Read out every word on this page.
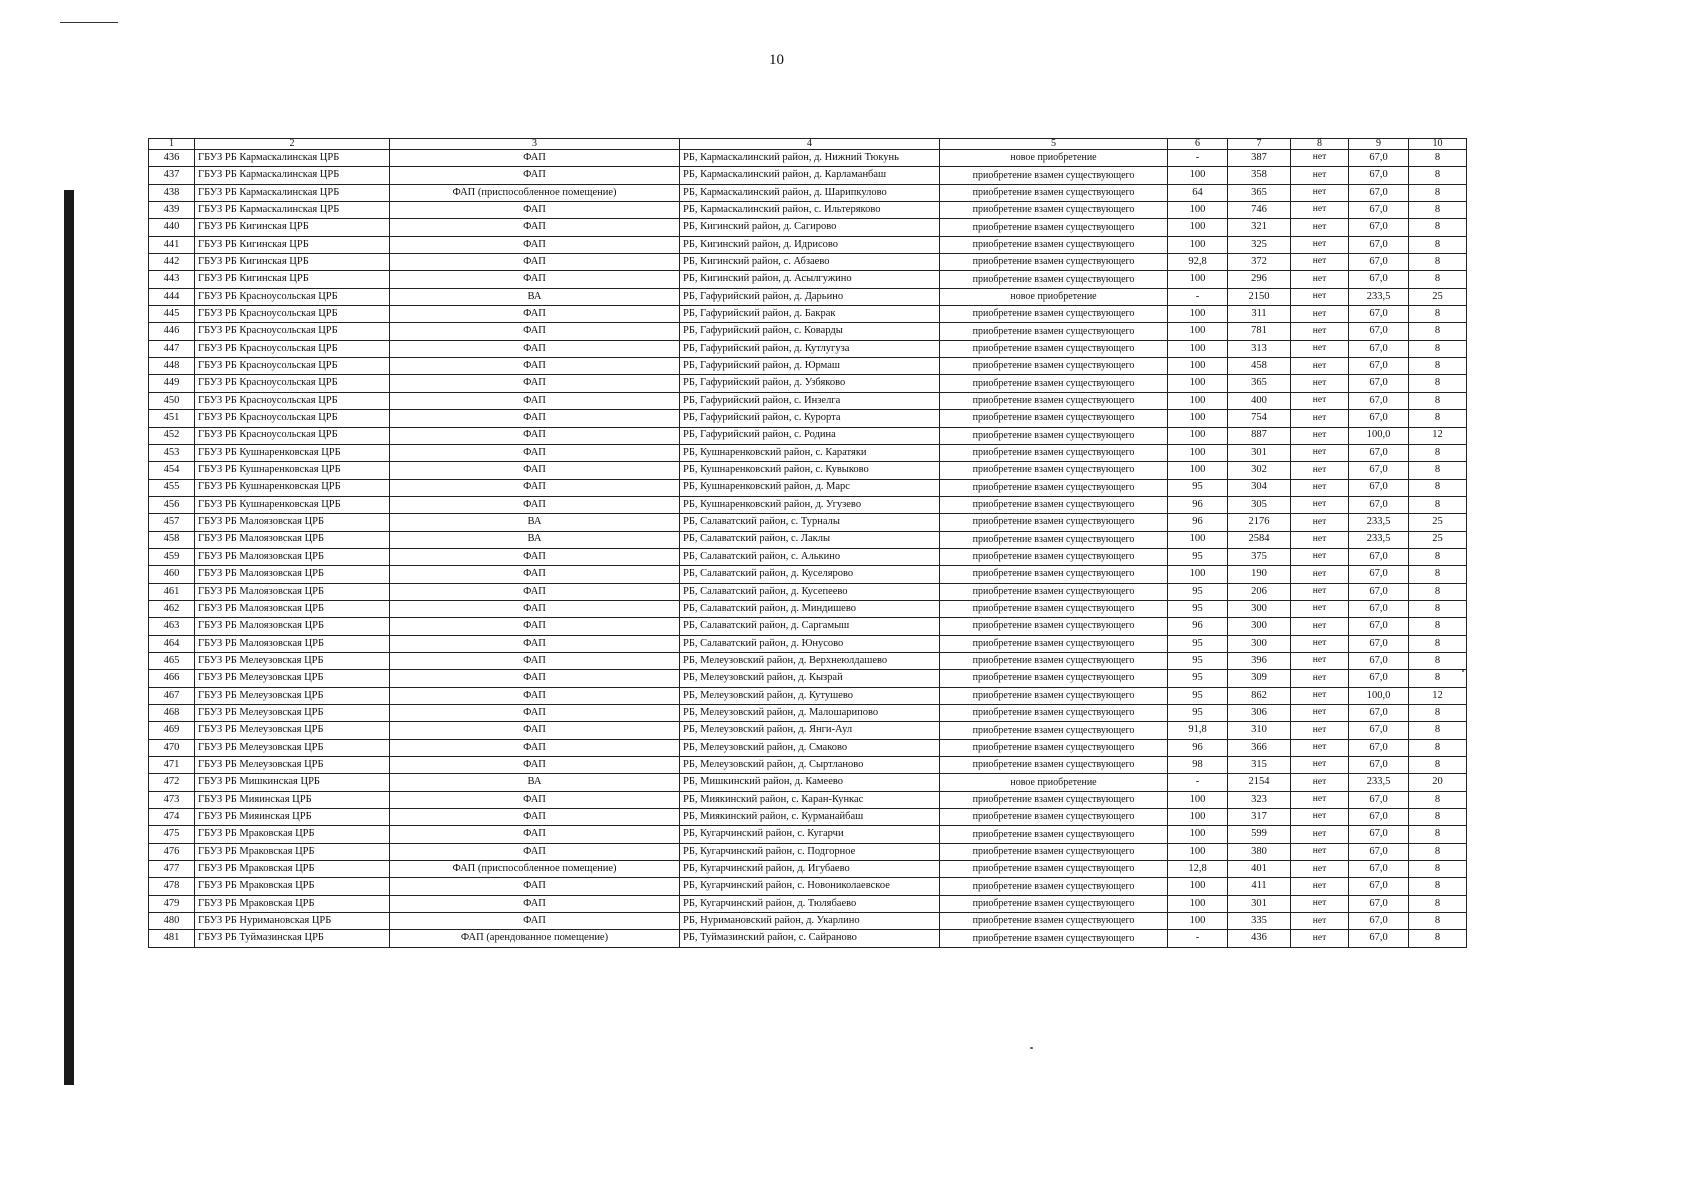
10
1	2	3	4	5	6	7	8	9	10
436	ГБУЗ РБ Кармаскалинская ЦРБ	ФАП	РБ, Кармаскалинский район, д. Нижний Тюкунь	новое приобретение	-	387	нет	67,0	8
437	ГБУЗ РБ Кармаскалинская ЦРБ	ФАП	РБ, Кармаскалинский район, д. Карламанбаш	приобретение взамен существующего	100	358	нет	67,0	8
438	ГБУЗ РБ Кармаскалинская ЦРБ	ФАП (приспособленное помещение)	РБ, Кармаскалинский район, д. Шарипкулово	приобретение взамен существующего	64	365	нет	67,0	8
439	ГБУЗ РБ Кармаскалинская ЦРБ	ФАП	РБ, Кармаскалинский район, с. Ильтеряково	приобретение взамен существующего	100	746	нет	67,0	8
440	ГБУЗ РБ Кигинская ЦРБ	ФАП	РБ, Кигинский район, д. Сагирово	приобретение взамен существующего	100	321	нет	67,0	8
441	ГБУЗ РБ Кигинская ЦРБ	ФАП	РБ, Кигинский район, д. Идрисово	приобретение взамен существующего	100	325	нет	67,0	8
442	ГБУЗ РБ Кигинская ЦРБ	ФАП	РБ, Кигинский район, с. Абзаево	приобретение взамен существующего	92,8	372	нет	67,0	8
443	ГБУЗ РБ Кигинская ЦРБ	ФАП	РБ, Кигинский район, д. Асылгужино	приобретение взамен существующего	100	296	нет	67,0	8
444	ГБУЗ РБ Красноусольская ЦРБ	ВА	РБ, Гафурийский район, д. Дарьино	новое приобретение	-	2150	нет	233,5	25
445	ГБУЗ РБ Красноусольская ЦРБ	ФАП	РБ, Гафурийский район, д. Бакрак	приобретение взамен существующего	100	311	нет	67,0	8
446	ГБУЗ РБ Красноусольская ЦРБ	ФАП	РБ, Гафурийский район, с. Коварды	приобретение взамен существующего	100	781	нет	67,0	8
447	ГБУЗ РБ Красноусольская ЦРБ	ФАП	РБ, Гафурийский район, д. Кутлугуза	приобретение взамен существующего	100	313	нет	67,0	8
448	ГБУЗ РБ Красноусольская ЦРБ	ФАП	РБ, Гафурийский район, д. Юрмаш	приобретение взамен существующего	100	458	нет	67,0	8
449	ГБУЗ РБ Красноусольская ЦРБ	ФАП	РБ, Гафурийский район, д. Узбяково	приобретение взамен существующего	100	365	нет	67,0	8
450	ГБУЗ РБ Красноусольская ЦРБ	ФАП	РБ, Гафурийский район, с. Инзелга	приобретение взамен существующего	100	400	нет	67,0	8
451	ГБУЗ РБ Красноусольская ЦРБ	ФАП	РБ, Гафурийский район, с. Курорта	приобретение взамен существующего	100	754	нет	67,0	8
452	ГБУЗ РБ Красноусольская ЦРБ	ФАП	РБ, Гафурийский район, с. Родина	приобретение взамен существующего	100	887	нет	100,0	12
453	ГБУЗ РБ Кушнаренковская ЦРБ	ФАП	РБ, Кушнаренковский район, с. Каратяки	приобретение взамен существующего	100	301	нет	67,0	8
454	ГБУЗ РБ Кушнаренковская ЦРБ	ФАП	РБ, Кушнаренковский район, с. Кувыково	приобретение взамен существующего	100	302	нет	67,0	8
455	ГБУЗ РБ Кушнаренковская ЦРБ	ФАП	РБ, Кушнаренковский район, д. Марс	приобретение взамен существующего	95	304	нет	67,0	8
456	ГБУЗ РБ Кушнаренковская ЦРБ	ФАП	РБ, Кушнаренковский район, д. Угузево	приобретение взамен существующего	96	305	нет	67,0	8
457	ГБУЗ РБ Малоязовская ЦРБ	ВА	РБ, Салаватский район, с. Турналы	приобретение взамен существующего	96	2176	нет	233,5	25
458	ГБУЗ РБ Малоязовская ЦРБ	ВА	РБ, Салаватский район, с. Лаклы	приобретение взамен существующего	100	2584	нет	233,5	25
459	ГБУЗ РБ Малоязовская ЦРБ	ФАП	РБ, Салаватский район, с. Алькино	приобретение взамен существующего	95	375	нет	67,0	8
460	ГБУЗ РБ Малоязовская ЦРБ	ФАП	РБ, Салаватский район, д. Куселярово	приобретение взамен существующего	100	190	нет	67,0	8
461	ГБУЗ РБ Малоязовская ЦРБ	ФАП	РБ, Салаватский район, д. Кусепеево	приобретение взамен существующего	95	206	нет	67,0	8
462	ГБУЗ РБ Малоязовская ЦРБ	ФАП	РБ, Салаватский район, д. Миндишево	приобретение взамен существующего	95	300	нет	67,0	8
463	ГБУЗ РБ Малоязовская ЦРБ	ФАП	РБ, Салаватский район, д. Саргамыш	приобретение взамен существующего	96	300	нет	67,0	8
464	ГБУЗ РБ Малоязовская ЦРБ	ФАП	РБ, Салаватский район, д. Юнусово	приобретение взамен существующего	95	300	нет	67,0	8
465	ГБУЗ РБ Мелеузовская ЦРБ	ФАП	РБ, Мелеузовский район, д. Верхнеюлдашево	приобретение взамен существующего	95	396	нет	67,0	8
466	ГБУЗ РБ Мелеузовская ЦРБ	ФАП	РБ, Мелеузовский район, д. Кызрай	приобретение взамен существующего	95	309	нет	67,0	8
467	ГБУЗ РБ Мелеузовская ЦРБ	ФАП	РБ, Мелеузовский район, д. Кутушево	приобретение взамен существующего	95	862	нет	100,0	12
468	ГБУЗ РБ Мелеузовская ЦРБ	ФАП	РБ, Мелеузовский район, д. Малошарипово	приобретение взамен существующего	95	306	нет	67,0	8
469	ГБУЗ РБ Мелеузовская ЦРБ	ФАП	РБ, Мелеузовский район, д. Янги-Аул	приобретение взамен существующего	91,8	310	нет	67,0	8
470	ГБУЗ РБ Мелеузовская ЦРБ	ФАП	РБ, Мелеузовский район, д. Смаково	приобретение взамен существующего	96	366	нет	67,0	8
471	ГБУЗ РБ Мелеузовская ЦРБ	ФАП	РБ, Мелеузовский район, д. Сыртланово	приобретение взамен существующего	98	315	нет	67,0	8
472	ГБУЗ РБ Мишкинская ЦРБ	ВА	РБ, Мишкинский район, д. Камеево	новое приобретение	-	2154	нет	233,5	20
473	ГБУЗ РБ Мияинская ЦРБ	ФАП	РБ, Миякинский район, с. Каран-Кункас	приобретение взамен существующего	100	323	нет	67,0	8
474	ГБУЗ РБ Мияинская ЦРБ	ФАП	РБ, Миякинский район, с. Курманайбаш	приобретение взамен существующего	100	317	нет	67,0	8
475	ГБУЗ РБ Мраковская ЦРБ	ФАП	РБ, Кугарчинский район, с. Кугарчи	приобретение взамен существующего	100	599	нет	67,0	8
476	ГБУЗ РБ Мраковская ЦРБ	ФАП	РБ, Кугарчинский район, с. Подгорное	приобретение взамен существующего	100	380	нет	67,0	8
477	ГБУЗ РБ Мраковская ЦРБ	ФАП (приспособленное помещение)	РБ, Кугарчинский район, д. Игубаево	приобретение взамен существующего	12,8	401	нет	67,0	8
478	ГБУЗ РБ Мраковская ЦРБ	ФАП	РБ, Кугарчинский район, с. Новониколаевское	приобретение взамен существующего	100	411	нет	67,0	8
479	ГБУЗ РБ Мраковская ЦРБ	ФАП	РБ, Кугарчинский район, д. Тюлябаево	приобретение взамен существующего	100	301	нет	67,0	8
480	ГБУЗ РБ Нуримановская ЦРБ	ФАП	РБ, Нуримановский район, д. Укарлино	приобретение взамен существующего	100	335	нет	67,0	8
481	ГБУЗ РБ Туймазинская ЦРБ	ФАП (арендованное помещение)	РБ, Туймазинский район, с. Сайраново	приобретение взамен существующего	-	436	нет	67,0	8
